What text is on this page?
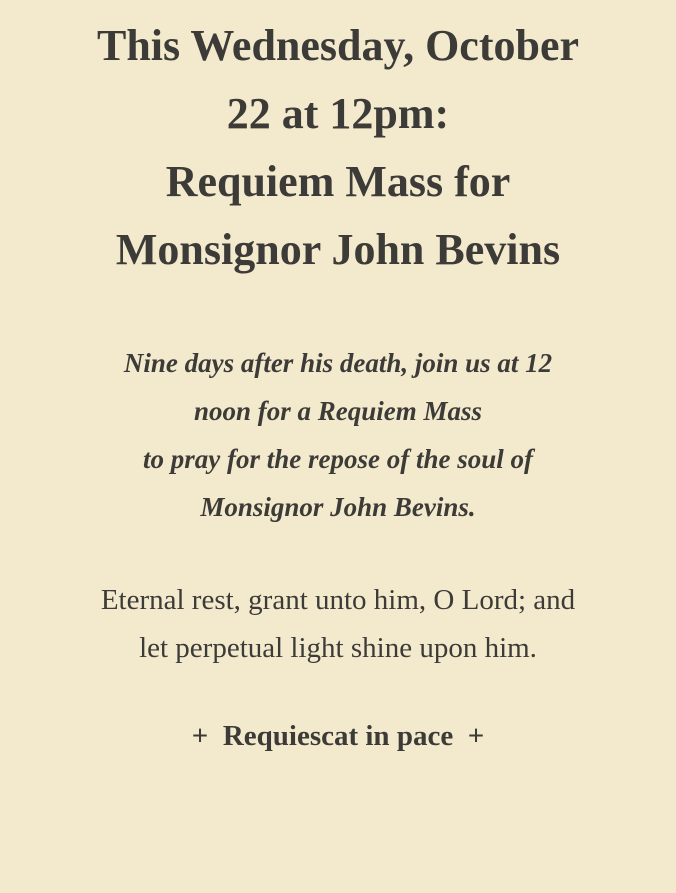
This Wednesday, October
22 at 12pm:
Requiem Mass for
Monsignor John Bevins
Nine days after his death, join us at 12
noon for a Requiem Mass
to pray for the repose of the soul of
Monsignor John Bevins.
Eternal rest, grant unto him, O Lord; and
let perpetual light shine upon him.
+ Requiescat in pace +
